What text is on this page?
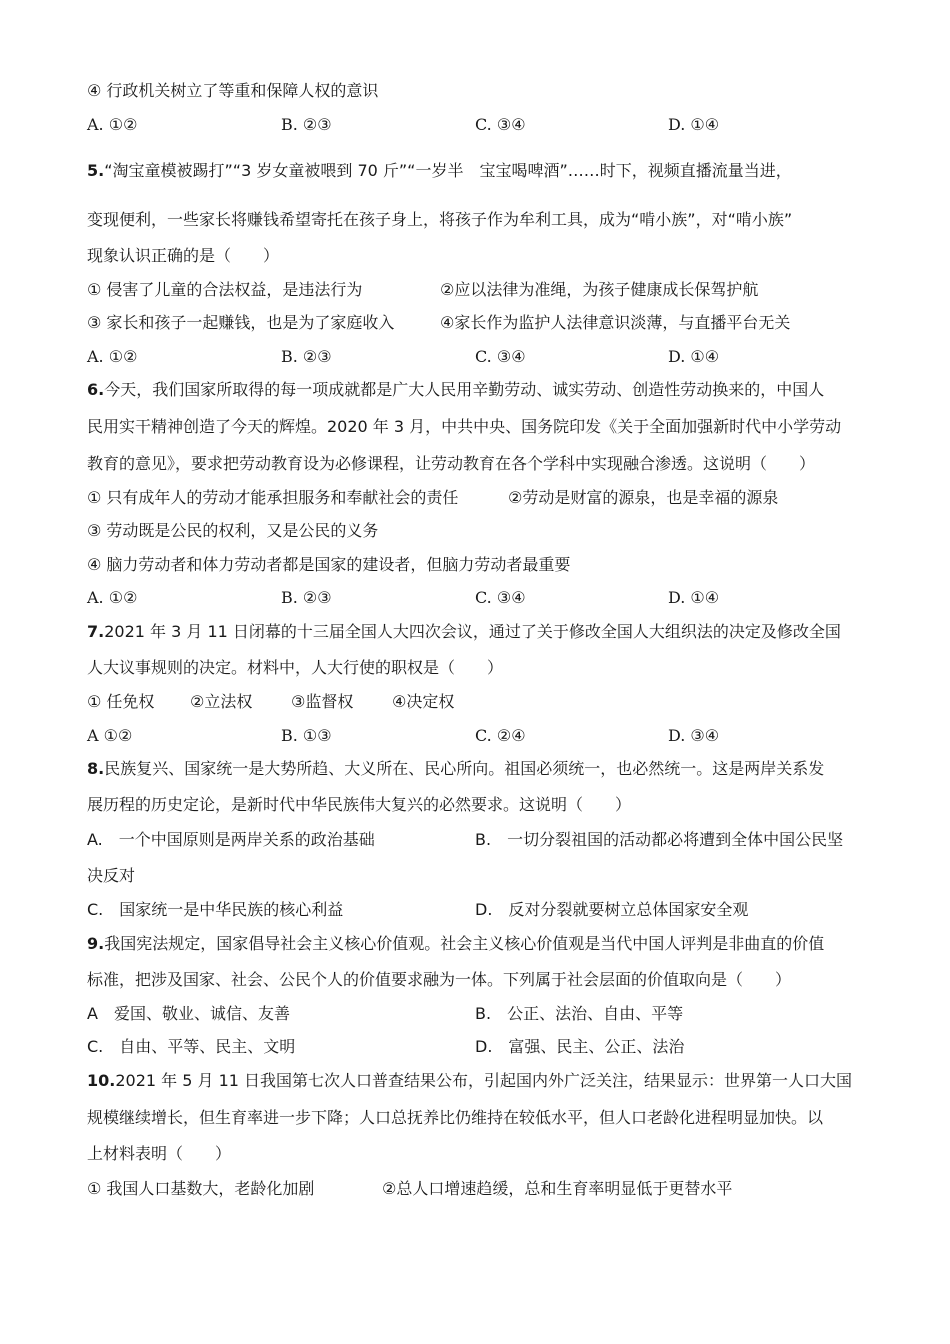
④ 行政机关树立了等重和保障人权的意识
A. ①②	B. ②③	C. ③④	D. ①④
5.“淘宝童模被踢打”“3 岁女童被喂到 70 斤”“一岁半　宝宝喝啤酒”……时下，视频直播流量当进，
变现便利，一些家长将赚钱希望寄托在孩子身上，将孩子作为牟利工具，成为“啃小族”，对“啃小族”
现象认识正确的是（　　）
① 侵害了儿童的合法权益，是违法行为	②应以法律为准绳，为孩子健康成长保驾护航
③ 家长和孩子一起赚钱，也是为了家庭收入	④家长作为监护人法律意识淡薄，与直播平台无关
A. ①②	B. ②③	C. ③④	D. ①④
6.今天，我们国家所取得的每一项成就都是广大人民用辛勤劳动、诚实劳动、创造性劳动换来的，中国人
民用实干精神创造了今天的辉煌。2020 年 3 月，中共中央、国务院印发《关于全面加强新时代中小学劳动
教育的意见》，要求把劳动教育设为必修课程，让劳动教育在各个学科中实现融合渗透。这说明（　　）
① 只有成年人的劳动才能承担服务和奉献社会的责任	②劳动是财富的源泉，也是幸福的源泉
③ 劳动既是公民的权利，又是公民的义务
④ 脑力劳动者和体力劳动者都是国家的建设者，但脑力劳动者最重要
A. ①②	B. ②③	C. ③④	D. ①④
7.2021 年 3 月 11 日闭幕的十三届全国人大四次会议，通过了关于修改全国人大组织法的决定及修改全国
人大议事规则的决定。材料中，人大行使的职权是（　　）
① 任免权 ②立法权 ③监督权 ④决定权
A ①②	B. ①③	C. ②④	D. ③④
8.民族复兴、国家统一是大势所趋、大义所在、民心所向。祖国必须统一，也必然统一。这是两岸关系发
展历程的历史定论，是新时代中华民族伟大复兴的必然要求。这说明（　　）
A.　一个中国原则是两岸关系的政治基础	B.　一切分裂祖国的活动都必将遭到全体中国公民坚
决反对
C.　国家统一是中华民族的核心利益	D.　反对分裂就要树立总体国家安全观
9.我国宪法规定，国家倡导社会主义核心价值观。社会主义核心价值观是当代中国人评判是非曲直的价值
标准，把涉及国家、社会、公民个人的价值要求融为一体。下列属于社会层面的价值取向是（　　）
A　爱国、敬业、诚信、友善	B.　公正、法治、自由、平等
C.　自由、平等、民主、文明	D.　富强、民主、公正、法治
10.2021 年 5 月 11 日我国第七次人口普查结果公布，引起国内外广泛关注，结果显示：世界第一人口大国
规模继续增长，但生育率进一步下降；人口总抚养比仍维持在较低水平，但人口老龄化进程明显加快。以
上材料表明（　　）
① 我国人口基数大，老龄化加剧	②总人口增速趋缓，总和生育率明显低于更替水平
